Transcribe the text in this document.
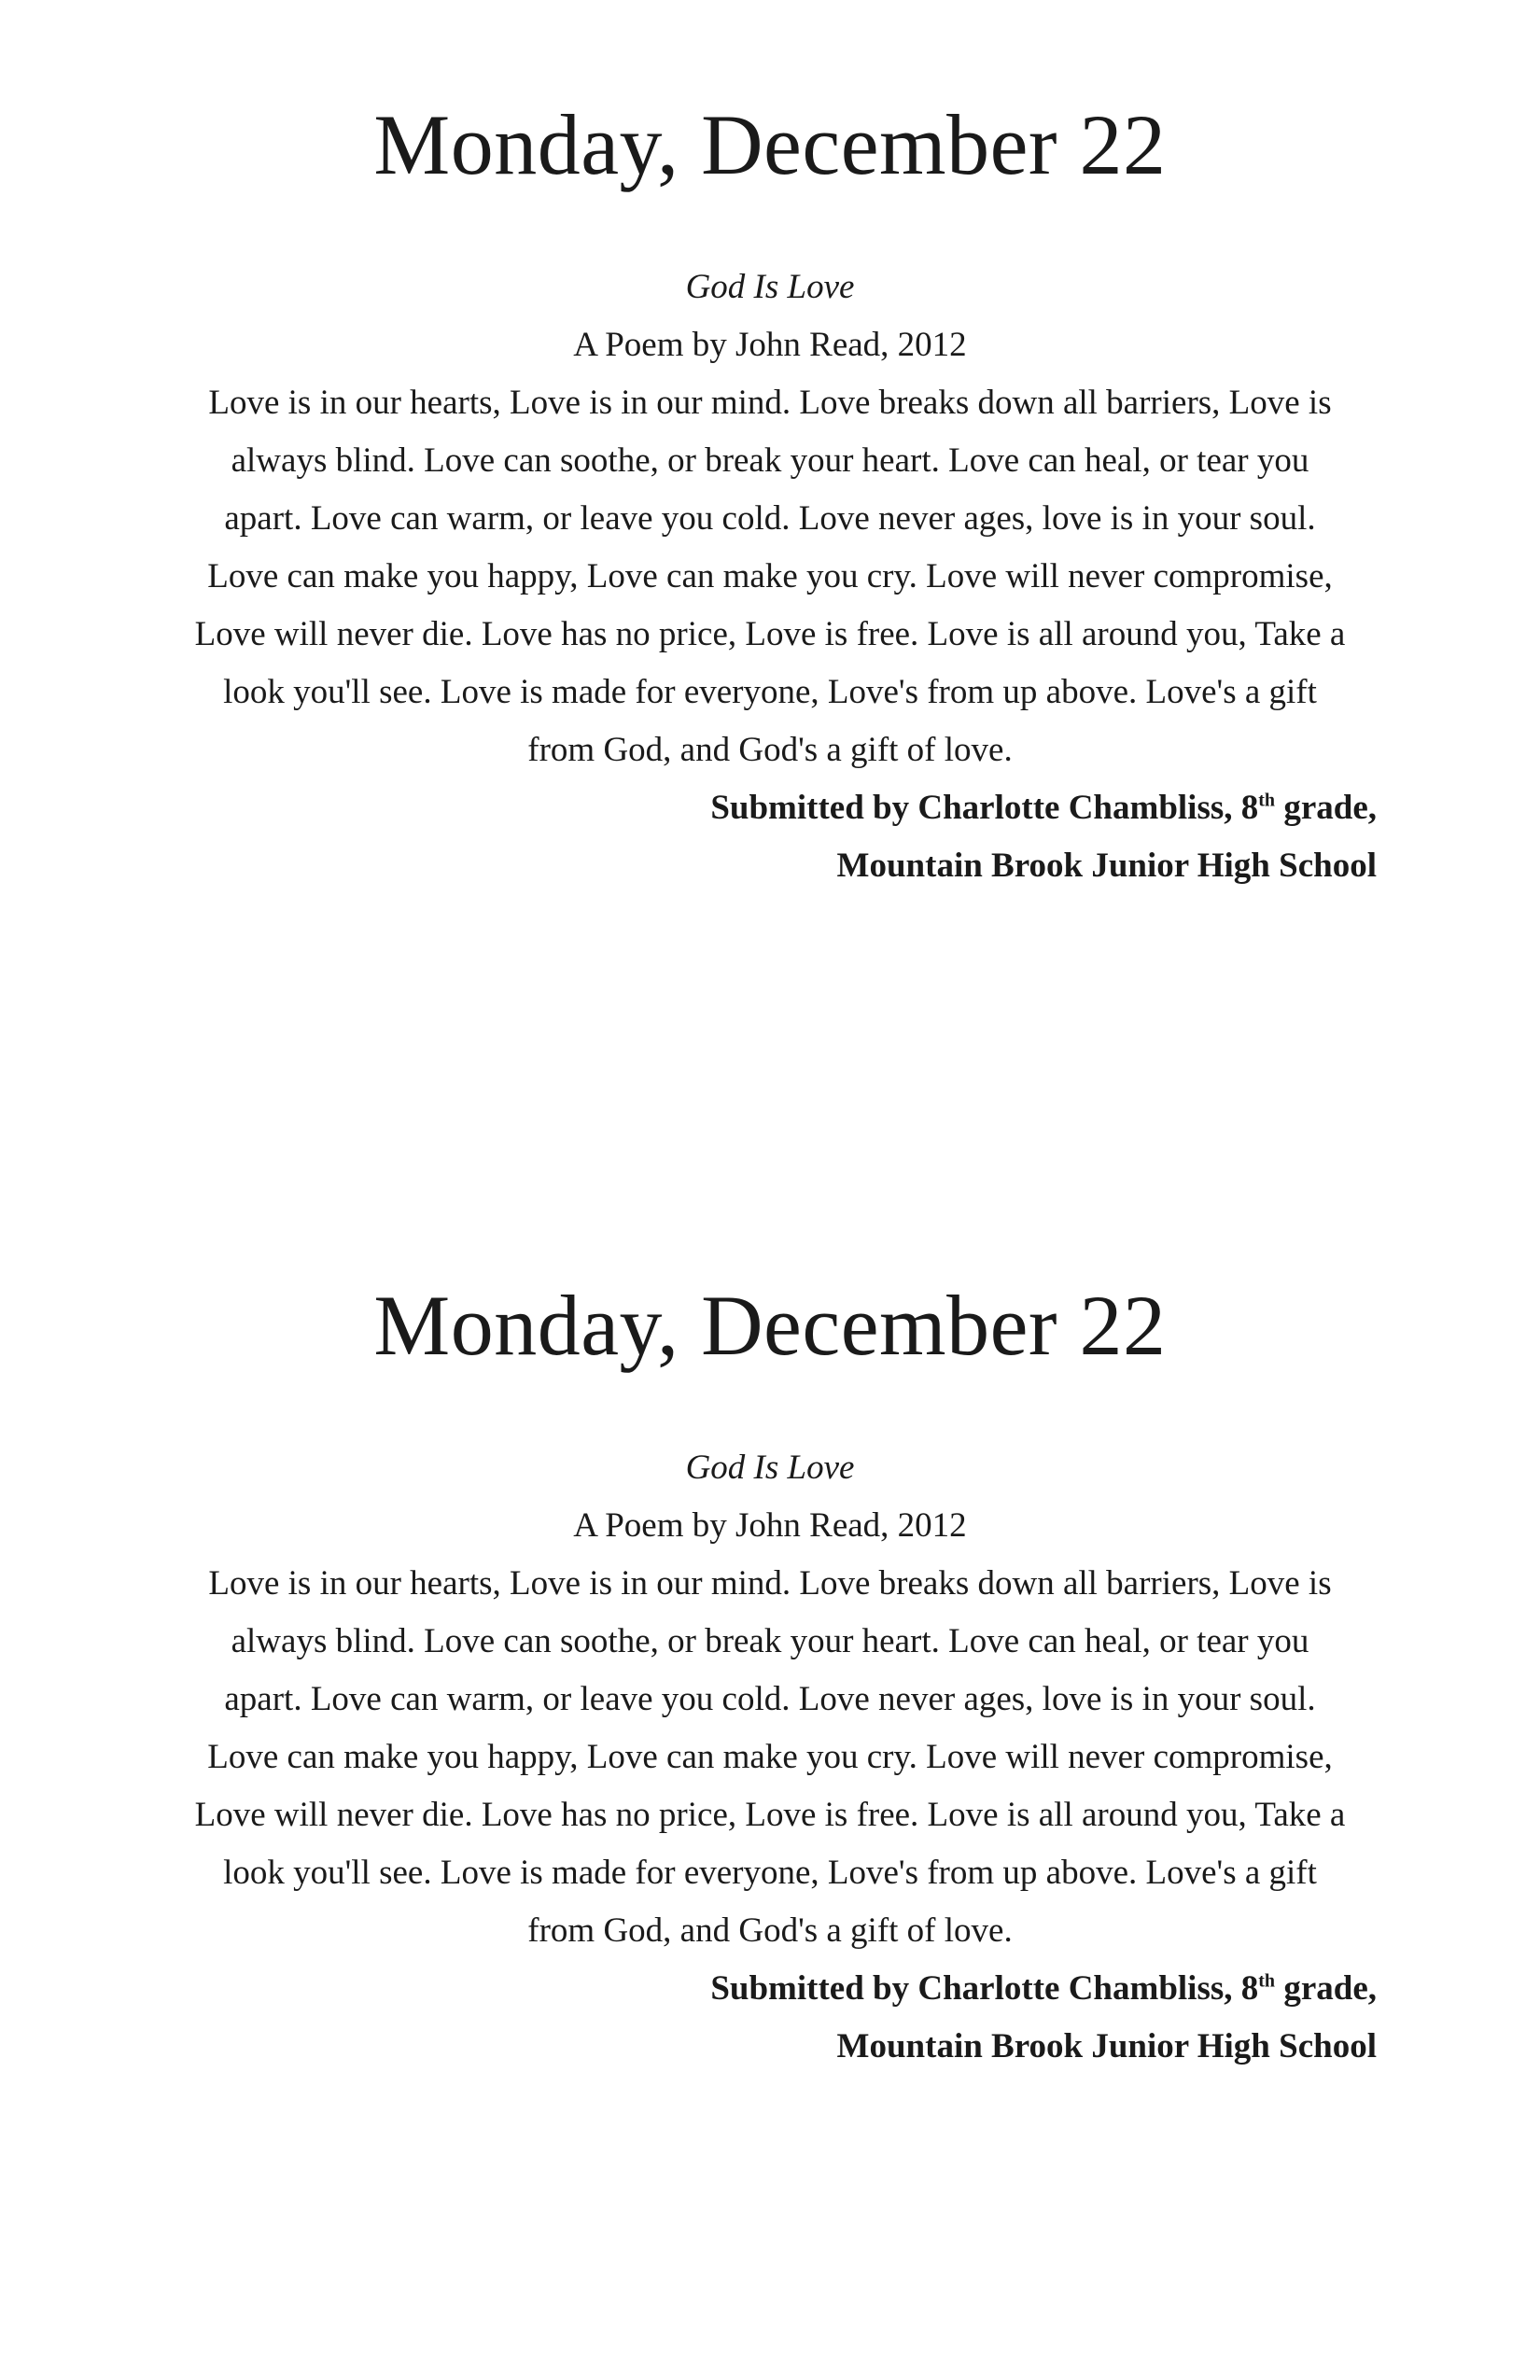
Monday, December 22
God Is Love
A Poem by John Read, 2012
Love is in our hearts, Love is in our mind. Love breaks down all barriers, Love is
always blind. Love can soothe, or break your heart. Love can heal, or tear you
apart. Love can warm, or leave you cold. Love never ages, love is in your soul.
Love can make you happy, Love can make you cry. Love will never compromise,
Love will never die. Love has no price, Love is free. Love is all around you, Take a
look you'll see. Love is made for everyone, Love's from up above. Love's a gift
from God, and God's a gift of love.
Submitted by Charlotte Chambliss, 8th grade,
Mountain Brook Junior High School
Monday, December 22
God Is Love
A Poem by John Read, 2012
Love is in our hearts, Love is in our mind. Love breaks down all barriers, Love is
always blind. Love can soothe, or break your heart. Love can heal, or tear you
apart. Love can warm, or leave you cold. Love never ages, love is in your soul.
Love can make you happy, Love can make you cry. Love will never compromise,
Love will never die. Love has no price, Love is free. Love is all around you, Take a
look you'll see. Love is made for everyone, Love's from up above. Love's a gift
from God, and God's a gift of love.
Submitted by Charlotte Chambliss, 8th grade,
Mountain Brook Junior High School
